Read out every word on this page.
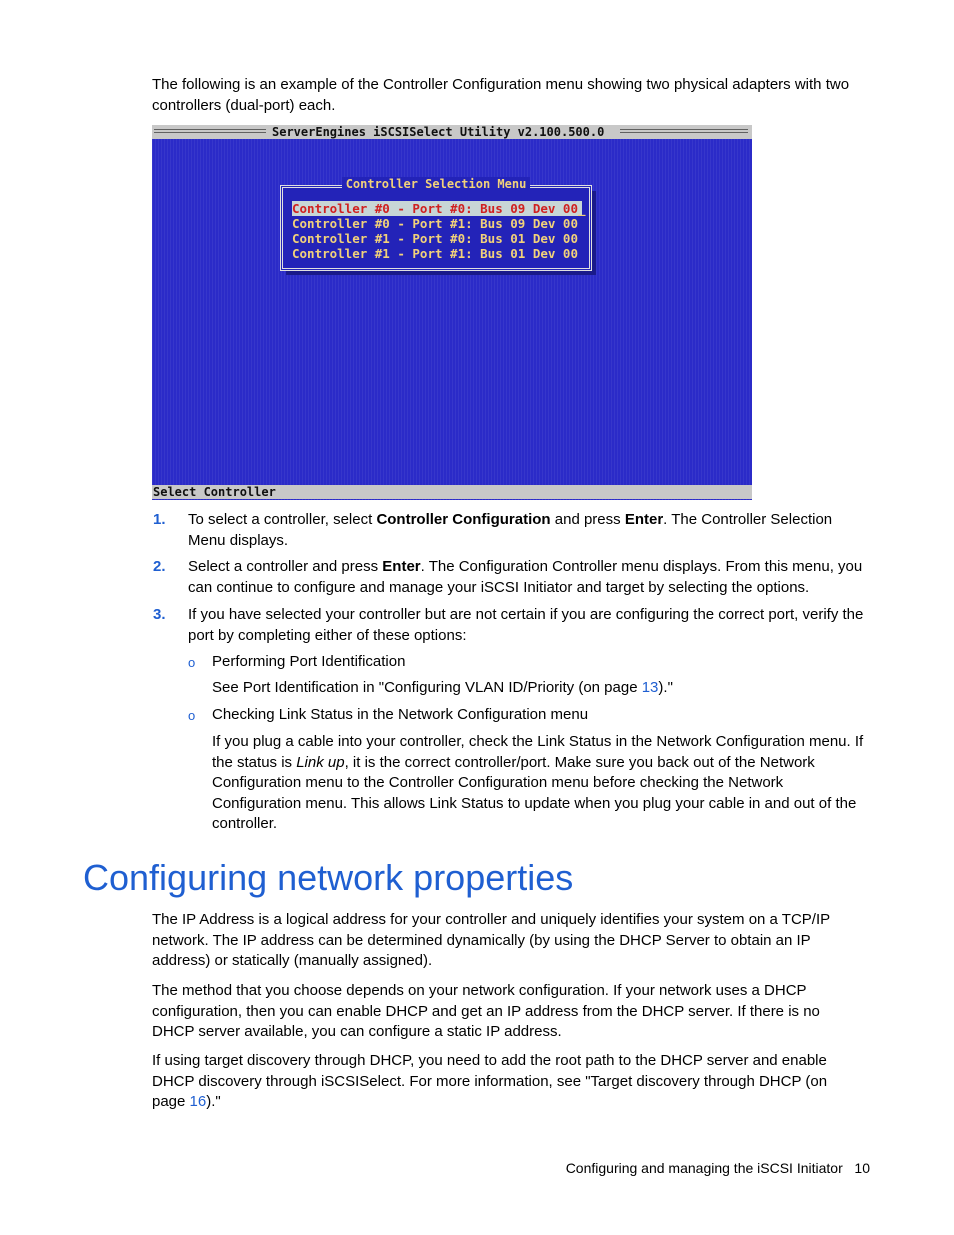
The following is an example of the Controller Configuration menu showing two physical adapters with two controllers (dual-port) each.

ServerEngines iSCSISelect Utility v2.100.500.0
Controller Selection Menu
Controller #0 - Port #0: Bus 09 Dev 00_
Controller #0 - Port #1: Bus 09 Dev 00
Controller #1 - Port #0: Bus 01 Dev 00
Controller #1 - Port #1: Bus 01 Dev 00
Select Controller
1. To select a controller, select Controller Configuration and press Enter. The Controller Selection Menu displays.

2. Select a controller and press Enter. The Configuration Controller menu displays. From this menu, you can continue to configure and manage your iSCSI Initiator and target by selecting the options.

3. If you have selected your controller but are not certain if you are configuring the correct port, verify the port by completing either of these options:

o Performing Port Identification

See Port Identification in "Configuring VLAN ID/Priority (on page 13)."

o Checking Link Status in the Network Configuration menu

If you plug a cable into your controller, check the Link Status in the Network Configuration menu. If the status is Link up, it is the correct controller/port. Make sure you back out of the Network Configuration menu to the Controller Configuration menu before checking the Network Configuration menu. This allows Link Status to update when you plug your cable in and out of the controller.

Configuring network properties

The IP Address is a logical address for your controller and uniquely identifies your system on a TCP/IP network. The IP address can be determined dynamically (by using the DHCP Server to obtain an IP address) or statically (manually assigned).

The method that you choose depends on your network configuration. If your network uses a DHCP configuration, then you can enable DHCP and get an IP address from the DHCP server. If there is no DHCP server available, you can configure a static IP address.

If using target discovery through DHCP, you need to add the root path to the DHCP server and enable DHCP discovery through iSCSISelect. For more information, see "Target discovery through DHCP (on page 16)."

Configuring and managing the iSCSI Initiator 10
